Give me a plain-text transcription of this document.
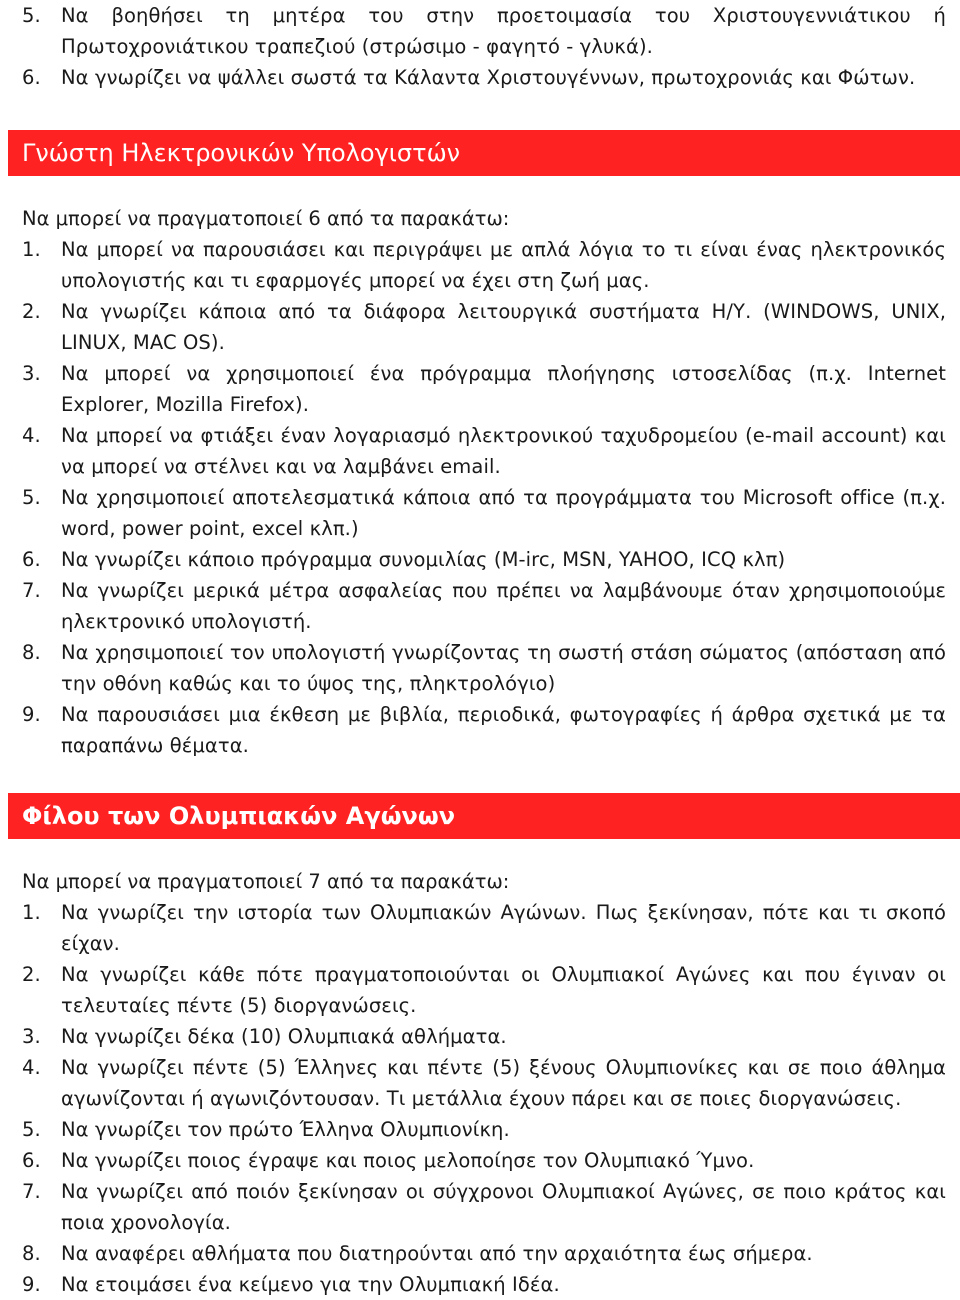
5.	Να βοηθήσει τη μητέρα του στην προετοιμασία του Χριστουγεννιάτικου ή Πρωτοχρονιάτικου τραπεζιού (στρώσιμο - φαγητό - γλυκά).
6.	Να γνωρίζει να ψάλλει σωστά τα Κάλαντα Χριστουγέννων, πρωτοχρονιάς και Φώτων.
Γνώστη Ηλεκτρονικών Υπολογιστών
Να μπορεί να πραγματοποιεί 6 από τα παρακάτω:
1.	Να μπορεί να παρουσιάσει και περιγράψει με απλά λόγια το τι είναι ένας ηλεκτρονικός υπολογιστής και τι εφαρμογές μπορεί να έχει στη ζωή μας.
2.	Να γνωρίζει κάποια από τα διάφορα λειτουργικά συστήματα Η/Υ. (WINDOWS, UNIX, LINUX, MAC OS).
3.	Να μπορεί να χρησιμοποιεί ένα πρόγραμμα πλοήγησης ιστοσελίδας (π.χ. Internet Explorer, Mozilla Firefox).
4.	Να μπορεί να φτιάξει έναν λογαριασμό ηλεκτρονικού ταχυδρομείου (e-mail account) και να μπορεί να στέλνει και να λαμβάνει email.
5.	Να χρησιμοποιεί αποτελεσματικά κάποια από τα προγράμματα του Microsoft office (π.χ. word, power point, excel κλπ.)
6.	Να γνωρίζει κάποιο πρόγραμμα συνομιλίας (M-irc, MSN, YAHOO, ICQ κλπ)
7.	Να γνωρίζει μερικά μέτρα ασφαλείας που πρέπει να λαμβάνουμε όταν χρησιμοποιούμε ηλεκτρονικό υπολογιστή.
8.	Να χρησιμοποιεί τον υπολογιστή γνωρίζοντας τη σωστή στάση σώματος (απόσταση από την οθόνη καθώς και το ύψος της, πληκτρολόγιο)
9.	Να παρουσιάσει μια έκθεση με βιβλία, περιοδικά, φωτογραφίες ή άρθρα σχετικά με τα παραπάνω θέματα.
Φίλου των Ολυμπιακών Αγώνων
Να μπορεί να πραγματοποιεί 7 από τα παρακάτω:
1.	Να γνωρίζει την ιστορία των Ολυμπιακών Αγώνων. Πως ξεκίνησαν, πότε και τι σκοπό είχαν.
2.	Να γνωρίζει κάθε πότε πραγματοποιούνται οι Ολυμπιακοί Αγώνες και που έγιναν οι τελευταίες πέντε (5) διοργανώσεις.
3.	Να γνωρίζει δέκα (10) Ολυμπιακά αθλήματα.
4.	Να γνωρίζει πέντε (5) Έλληνες και πέντε (5) ξένους Ολυμπιονίκες και σε ποιο άθλημα αγωνίζονται ή αγωνιζόντουσαν. Τι μετάλλια έχουν πάρει και σε ποιες διοργανώσεις.
5.	Να γνωρίζει τον πρώτο Έλληνα Ολυμπιονίκη.
6.	Να γνωρίζει ποιος έγραψε και ποιος μελοποίησε τον Ολυμπιακό Ύμνο.
7.	Να γνωρίζει από ποιόν ξεκίνησαν οι σύγχρονοι Ολυμπιακοί Αγώνες, σε ποιο κράτος και ποια χρονολογία.
8.	Να αναφέρει αθλήματα που διατηρούνται από την αρχαιότητα έως σήμερα.
9.	Να ετοιμάσει ένα κείμενο για την Ολυμπιακή Ιδέα.
